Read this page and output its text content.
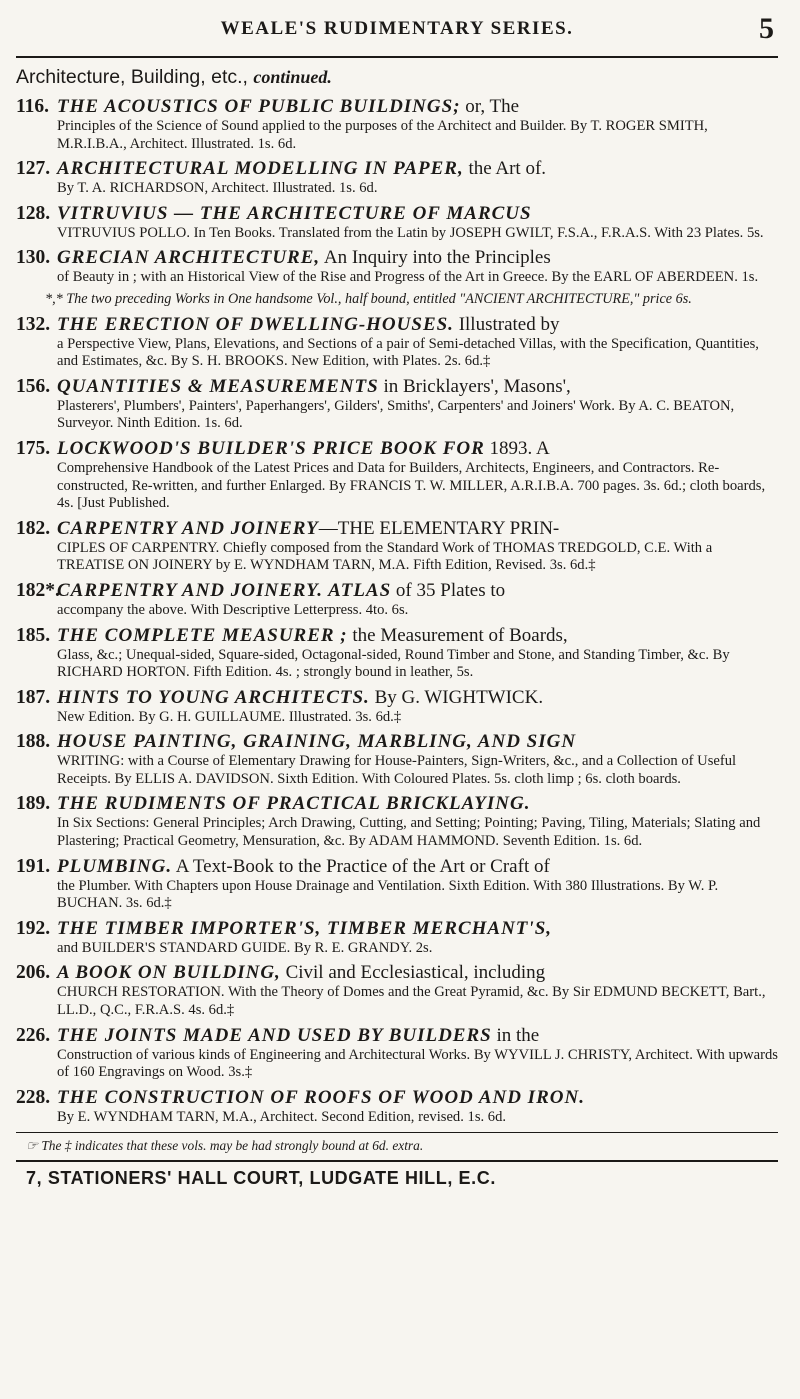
WEALE'S RUDIMENTARY SERIES.	5
Architecture, Building, etc., continued.
116. THE ACOUSTICS OF PUBLIC BUILDINGS; or, The

Principles of the Science of Sound applied to the purposes of the Architect and Builder. By T. ROGER SMITH, M.R.I.B.A., Architect. Illustrated. 1s. 6d.

127. ARCHITECTURAL MODELLING IN PAPER, the Art of.

By T. A. RICHARDSON, Architect. Illustrated. 1s. 6d.

128. VITRUVIUS — THE ARCHITECTURE OF MARCUS

VITRUVIUS POLLO. In Ten Books. Translated from the Latin by JOSEPH GWILT, F.S.A., F.R.A.S. With 23 Plates. 5s.

130. GRECIAN ARCHITECTURE, An Inquiry into the Principles

of Beauty in ; with an Historical View of the Rise and Progress of the Art in Greece. By the EARL OF ABERDEEN. 1s.

*,* The two preceding Works in One handsome Vol., half bound, entitled "ANCIENT ARCHITECTURE," price 6s.

132. THE ERECTION OF DWELLING-HOUSES. Illustrated by

a Perspective View, Plans, Elevations, and Sections of a pair of Semi-detached Villas, with the Specification, Quantities, and Estimates, &c. By S. H. BROOKS. New Edition, with Plates. 2s. 6d.‡

156. QUANTITIES & MEASUREMENTS in Bricklayers', Masons',

Plasterers', Plumbers', Painters', Paperhangers', Gilders', Smiths', Carpenters' and Joiners' Work. By A. C. BEATON, Surveyor. Ninth Edition. 1s. 6d.

175. LOCKWOOD'S BUILDER'S PRICE BOOK FOR 1893. A

Comprehensive Handbook of the Latest Prices and Data for Builders, Architects, Engineers, and Contractors. Re-constructed, Re-written, and further Enlarged. By FRANCIS T. W. MILLER, A.R.I.B.A. 700 pages. 3s. 6d.; cloth boards, 4s. [Just Published.

182. CARPENTRY AND JOINERY—THE ELEMENTARY PRIN-

CIPLES OF CARPENTRY. Chiefly composed from the Standard Work of THOMAS TREDGOLD, C.E. With a TREATISE ON JOINERY by E. WYNDHAM TARN, M.A. Fifth Edition, Revised. 3s. 6d.‡

182*.
CARPENTRY AND JOINERY. ATLAS of 35 Plates to

accompany the above. With Descriptive Letterpress. 4to. 6s.

185. THE COMPLETE MEASURER ; the Measurement of Boards,

Glass, &c.; Unequal-sided, Square-sided, Octagonal-sided, Round Timber and Stone, and Standing Timber, &c. By RICHARD HORTON. Fifth Edition. 4s. ; strongly bound in leather, 5s.

187. HINTS TO YOUNG ARCHITECTS. By G. WIGHTWICK.

New Edition. By G. H. GUILLAUME. Illustrated. 3s. 6d.‡

188. HOUSE PAINTING, GRAINING, MARBLING, AND SIGN

WRITING: with a Course of Elementary Drawing for House-Painters, Sign-Writers, &c., and a Collection of Useful Receipts. By ELLIS A. DAVIDSON. Sixth Edition. With Coloured Plates. 5s. cloth limp ; 6s. cloth boards.

189. THE RUDIMENTS OF PRACTICAL BRICKLAYING.

In Six Sections: General Principles; Arch Drawing, Cutting, and Setting; Pointing; Paving, Tiling, Materials; Slating and Plastering; Practical Geometry, Mensuration, &c. By ADAM HAMMOND. Seventh Edition. 1s. 6d.

191. PLUMBING. A Text-Book to the Practice of the Art or Craft of

the Plumber. With Chapters upon House Drainage and Ventilation. Sixth Edition. With 380 Illustrations. By W. P. BUCHAN. 3s. 6d.‡

192. THE TIMBER IMPORTER'S, TIMBER MERCHANT'S,

and BUILDER'S STANDARD GUIDE. By R. E. GRANDY. 2s.

206. A BOOK ON BUILDING, Civil and Ecclesiastical, including

CHURCH RESTORATION. With the Theory of Domes and the Great Pyramid, &c. By Sir EDMUND BECKETT, Bart., LL.D., Q.C., F.R.A.S. 4s. 6d.‡

226. THE JOINTS MADE AND USED BY BUILDERS in the

Construction of various kinds of Engineering and Architectural Works. By WYVILL J. CHRISTY, Architect. With upwards of 160 Engravings on Wood. 3s.‡

228. THE CONSTRUCTION OF ROOFS OF WOOD AND IRON.

By E. WYNDHAM TARN, M.A., Architect. Second Edition, revised. 1s. 6d.

☞ The ‡ indicates that these vols. may be had strongly bound at 6d. extra.
7, STATIONERS' HALL COURT, LUDGATE HILL, E.C.
